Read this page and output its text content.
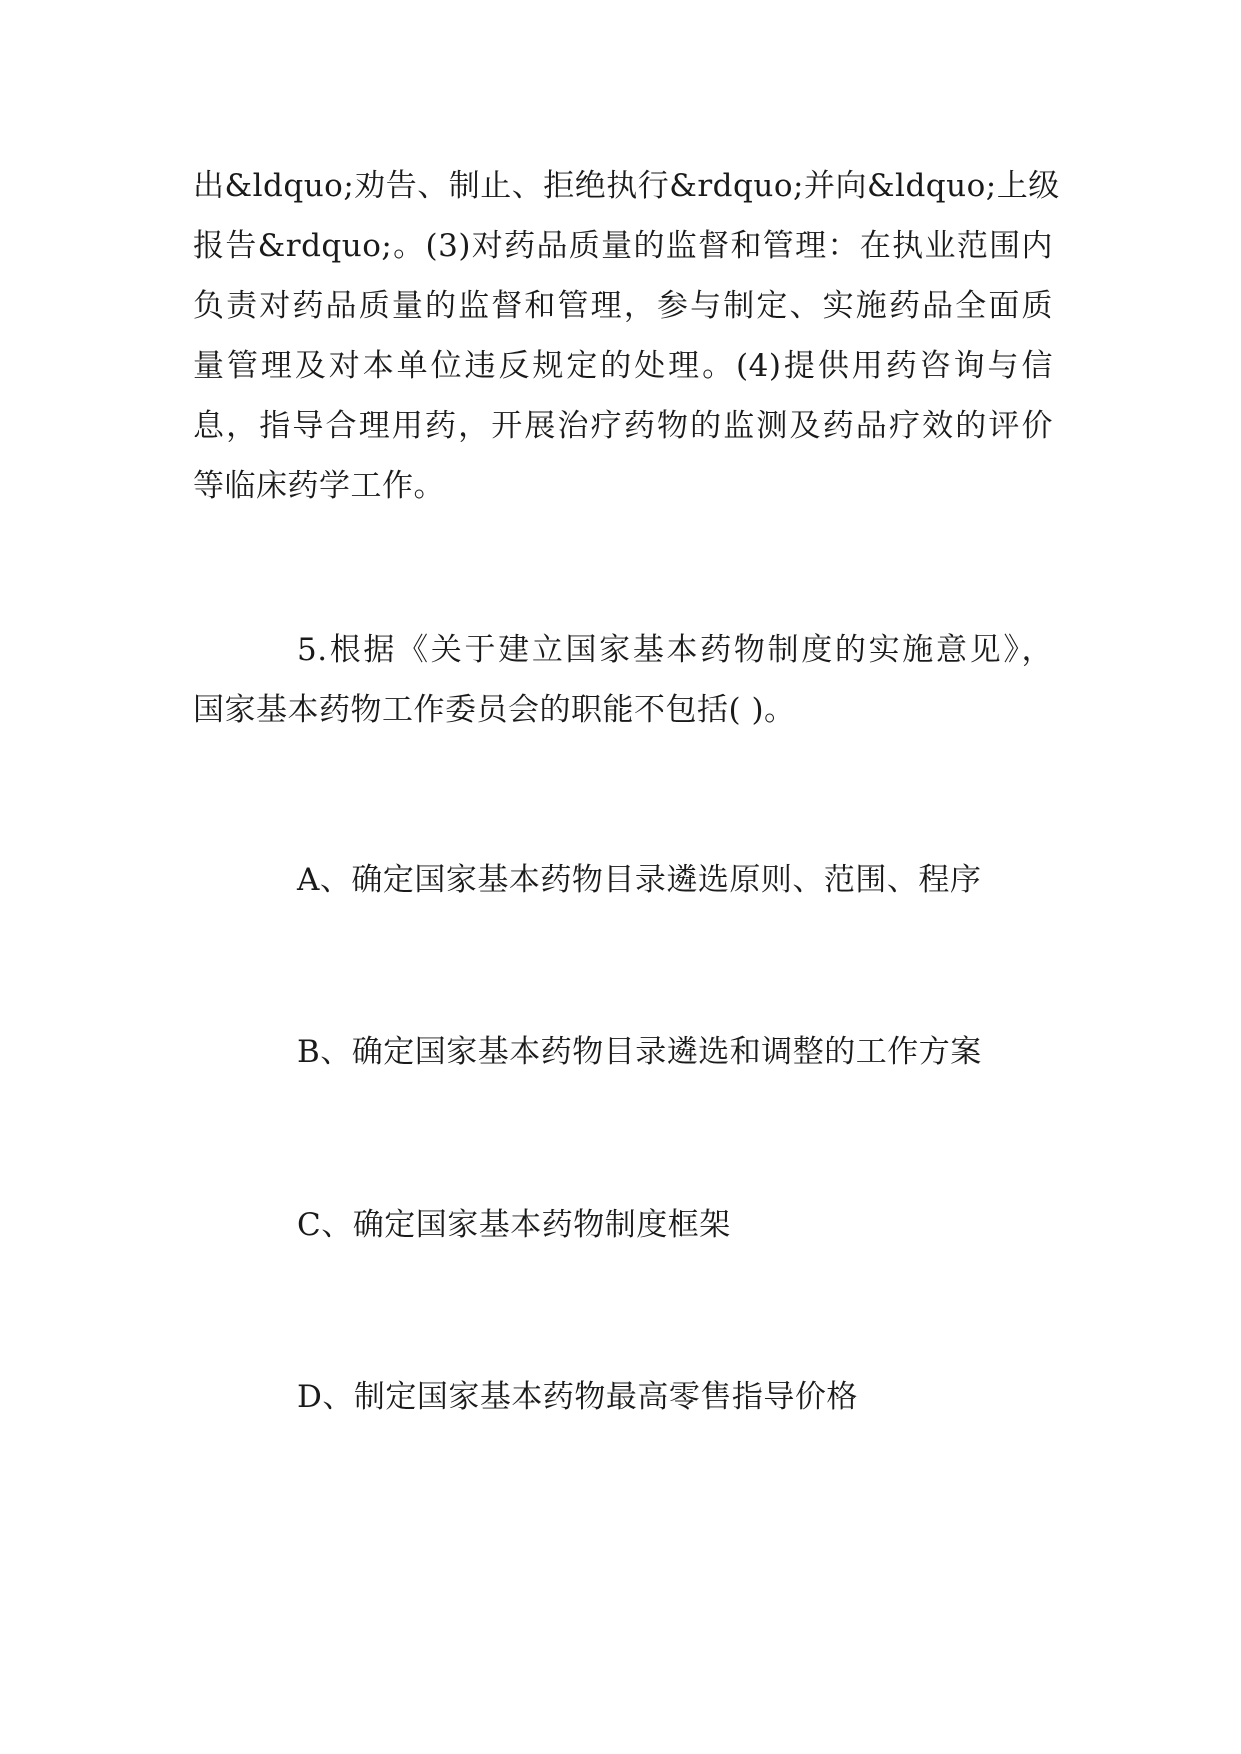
出&ldquo;劝告、制止、拒绝执行&rdquo;并向&ldquo;上级
报告&rdquo;。(3)对药品质量的监督和管理：在执业范围内
负责对药品质量的监督和管理，参与制定、实施药品全面质
量管理及对本单位违反规定的处理。(4)提供用药咨询与信
息，指导合理用药，开展治疗药物的监测及药品疗效的评价
等临床药学工作。
5.根据《关于建立国家基本药物制度的实施意见》，
国家基本药物工作委员会的职能不包括( )。
A、确定国家基本药物目录遴选原则、范围、程序
B、确定国家基本药物目录遴选和调整的工作方案
C、确定国家基本药物制度框架
D、制定国家基本药物最高零售指导价格
